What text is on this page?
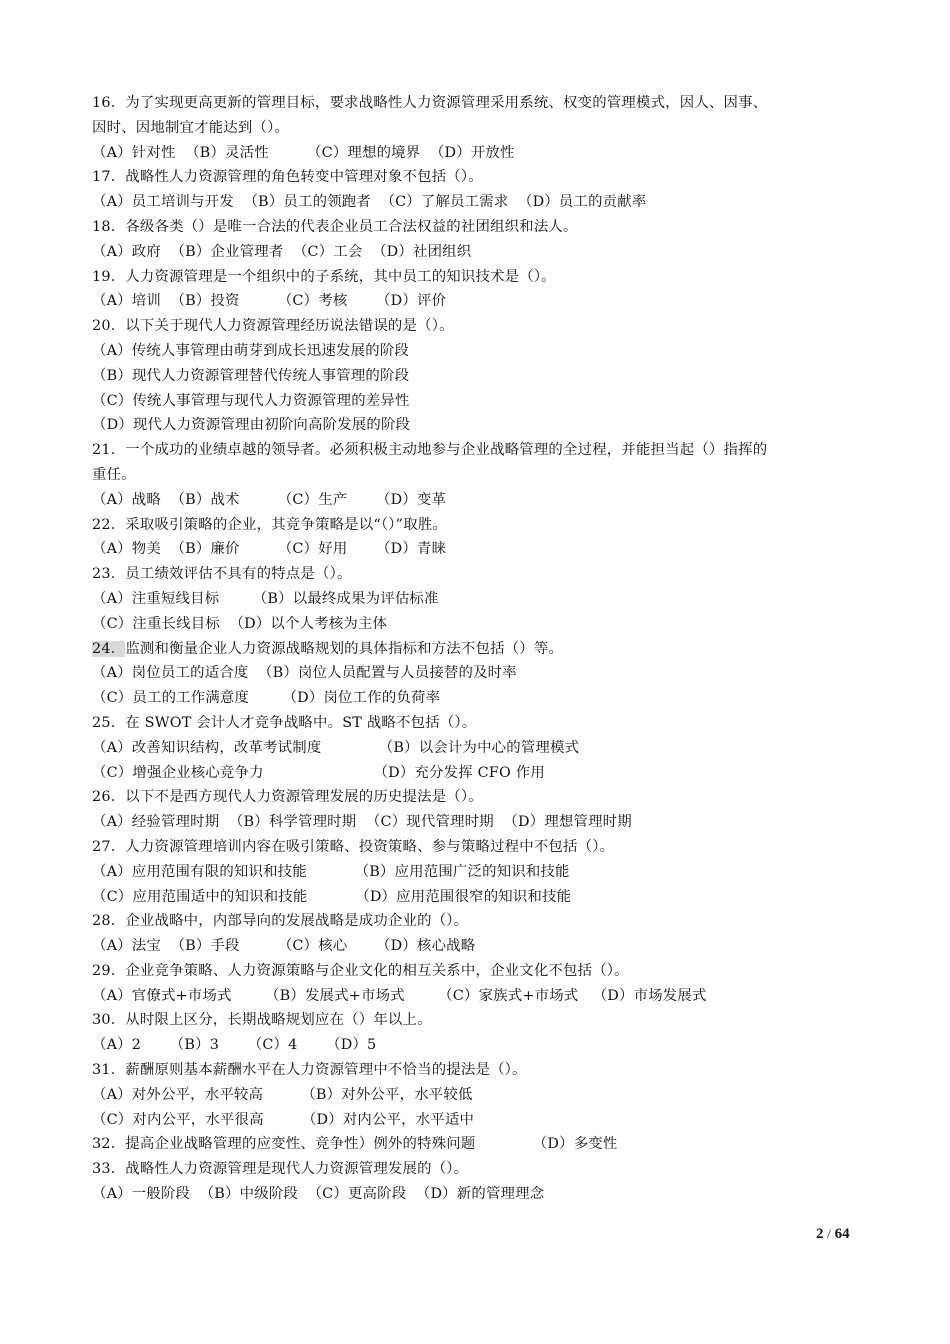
16．为了实现更高更新的管理目标，要求战略性人力资源管理采用系统、权变的管理模式，因人、因事、
因时、因地制宜才能达到（）。
（A）针对性  （B）灵活性        （C）理想的境界  （D）开放性
17．战略性人力资源管理的角色转变中管理对象不包括（）。
（A）员工培训与开发  （B）员工的领跑者  （C）了解员工需求  （D）员工的贡献率
18．各级各类（）是唯一合法的代表企业员工合法权益的社团组织和法人。
（A）政府  （B）企业管理者  （C）工会  （D）社团组织
19．人力资源管理是一个组织中的子系统，其中员工的知识技术是（）。
（A）培训  （B）投资        （C）考核      （D）评价
20．以下关于现代人力资源管理经历说法错误的是（）。
（A）传统人事管理由萌芽到成长迅速发展的阶段
（B）现代人力资源管理替代传统人事管理的阶段
（C）传统人事管理与现代人力资源管理的差异性
（D）现代人力资源管理由初阶向高阶发展的阶段
21．一个成功的业绩卓越的领导者。必须积极主动地参与企业战略管理的全过程，并能担当起（）指挥的
重任。
（A）战略  （B）战术        （C）生产      （D）变革
22．采取吸引策略的企业，其竞争策略是以“（）”取胜。
（A）物美  （B）廉价        （C）好用      （D）青睐
23．员工绩效评估不具有的特点是（）。
（A）注重短线目标       （B）以最终成果为评估标准
（C）注重长线目标  （D）以个人考核为主体
24．监测和衡量企业人力资源战略规划的具体指标和方法不包括（）等。
（A）岗位员工的适合度  （B）岗位人员配置与人员接替的及时率
（C）员工的工作满意度       （D）岗位工作的负荷率
25．在 SWOT 会计人才竞争战略中。ST 战略不包括（）。
（A）改善知识结构，改革考试制度            （B）以会计为中心的管理模式
（C）增强企业核心竞争力                       （D）充分发挥 CFO 作用
26．以下不是西方现代人力资源管理发展的历史提法是（）。
（A）经验管理时期  （B）科学管理时期  （C）现代管理时期  （D）理想管理时期
27．人力资源管理培训内容在吸引策略、投资策略、参与策略过程中不包括（）。
（A）应用范围有限的知识和技能          （B）应用范围广泛的知识和技能
（C）应用范围适中的知识和技能          （D）应用范围很窄的知识和技能
28．企业战略中，内部导向的发展战略是成功企业的（）。
（A）法宝  （B）手段        （C）核心      （D）核心战略
29．企业竞争策略、人力资源策略与企业文化的相互关系中，企业文化不包括（）。
（A）官僚式+市场式       （B）发展式+市场式       （C）家族式+市场式   （D）市场发展式
30．从时限上区分，长期战略规划应在（）年以上。
（A）2      （B）3      （C）4      （D）5
31．薪酬原则基本薪酬水平在人力资源管理中不恰当的提法是（）。
（A）对外公平，水平较高        （B）对外公平，水平较低
（C）对内公平，水平很高        （D）对内公平，水平适中
32．提高企业战略管理的应变性、竞争性）例外的特殊问题            （D）多变性
33．战略性人力资源管理是现代人力资源管理发展的（）。
（A）一般阶段  （B）中级阶段  （C）更高阶段  （D）新的管理理念
2 / 64
